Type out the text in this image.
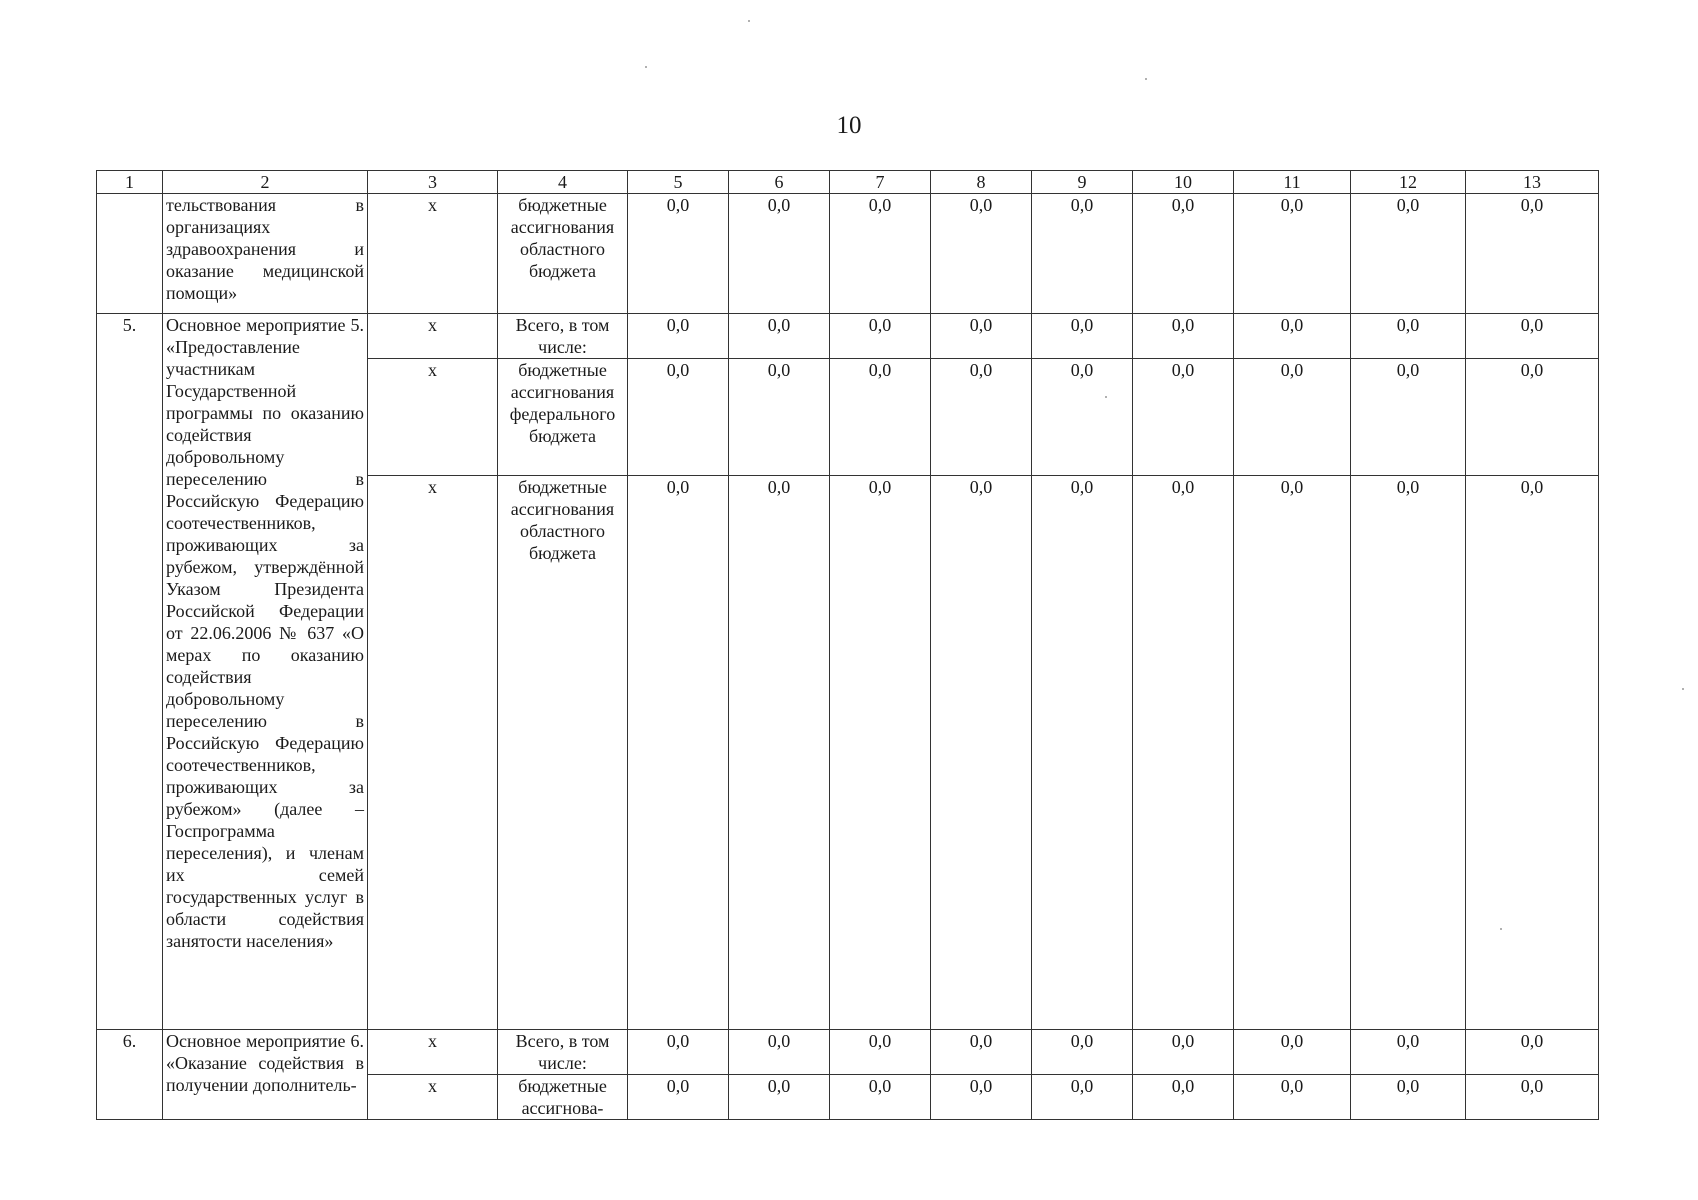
10
1	2	3	4	5	6	7	8	9	10	11	12	13
	тельствования в организациях здравоохранения и оказание медицинской помощи»	х	бюджетные ассигнования областного бюджета	0,0	0,0	0,0	0,0	0,0	0,0	0,0	0,0	0,0
5.	Основное мероприятие 5. «Предоставление участникам Государственной программы по оказанию содействия добровольному переселению в Российскую Федерацию соотечественников, проживающих за рубежом, утверждённой Указом Президента Российской Федерации от 22.06.2006 № 637 «О мерах по оказанию содействия добровольному переселению в Российскую Федерацию соотечественников, проживающих за рубежом» (далее – Госпрограмма переселения), и членам их семей государственных услуг в области содействия занятости населения»	х	Всего, в том числе:	0,0	0,0	0,0	0,0	0,0	0,0	0,0	0,0	0,0
		х	бюджетные ассигнования федерального бюджета	0,0	0,0	0,0	0,0	0,0	0,0	0,0	0,0	0,0
		х	бюджетные ассигнования областного бюджета	0,0	0,0	0,0	0,0	0,0	0,0	0,0	0,0	0,0
6.	Основное мероприятие 6. «Оказание содействия в получении дополнитель-	х	Всего, в том числе:	0,0	0,0	0,0	0,0	0,0	0,0	0,0	0,0	0,0
		х	бюджетные ассигнова-	0,0	0,0	0,0	0,0	0,0	0,0	0,0	0,0	0,0
